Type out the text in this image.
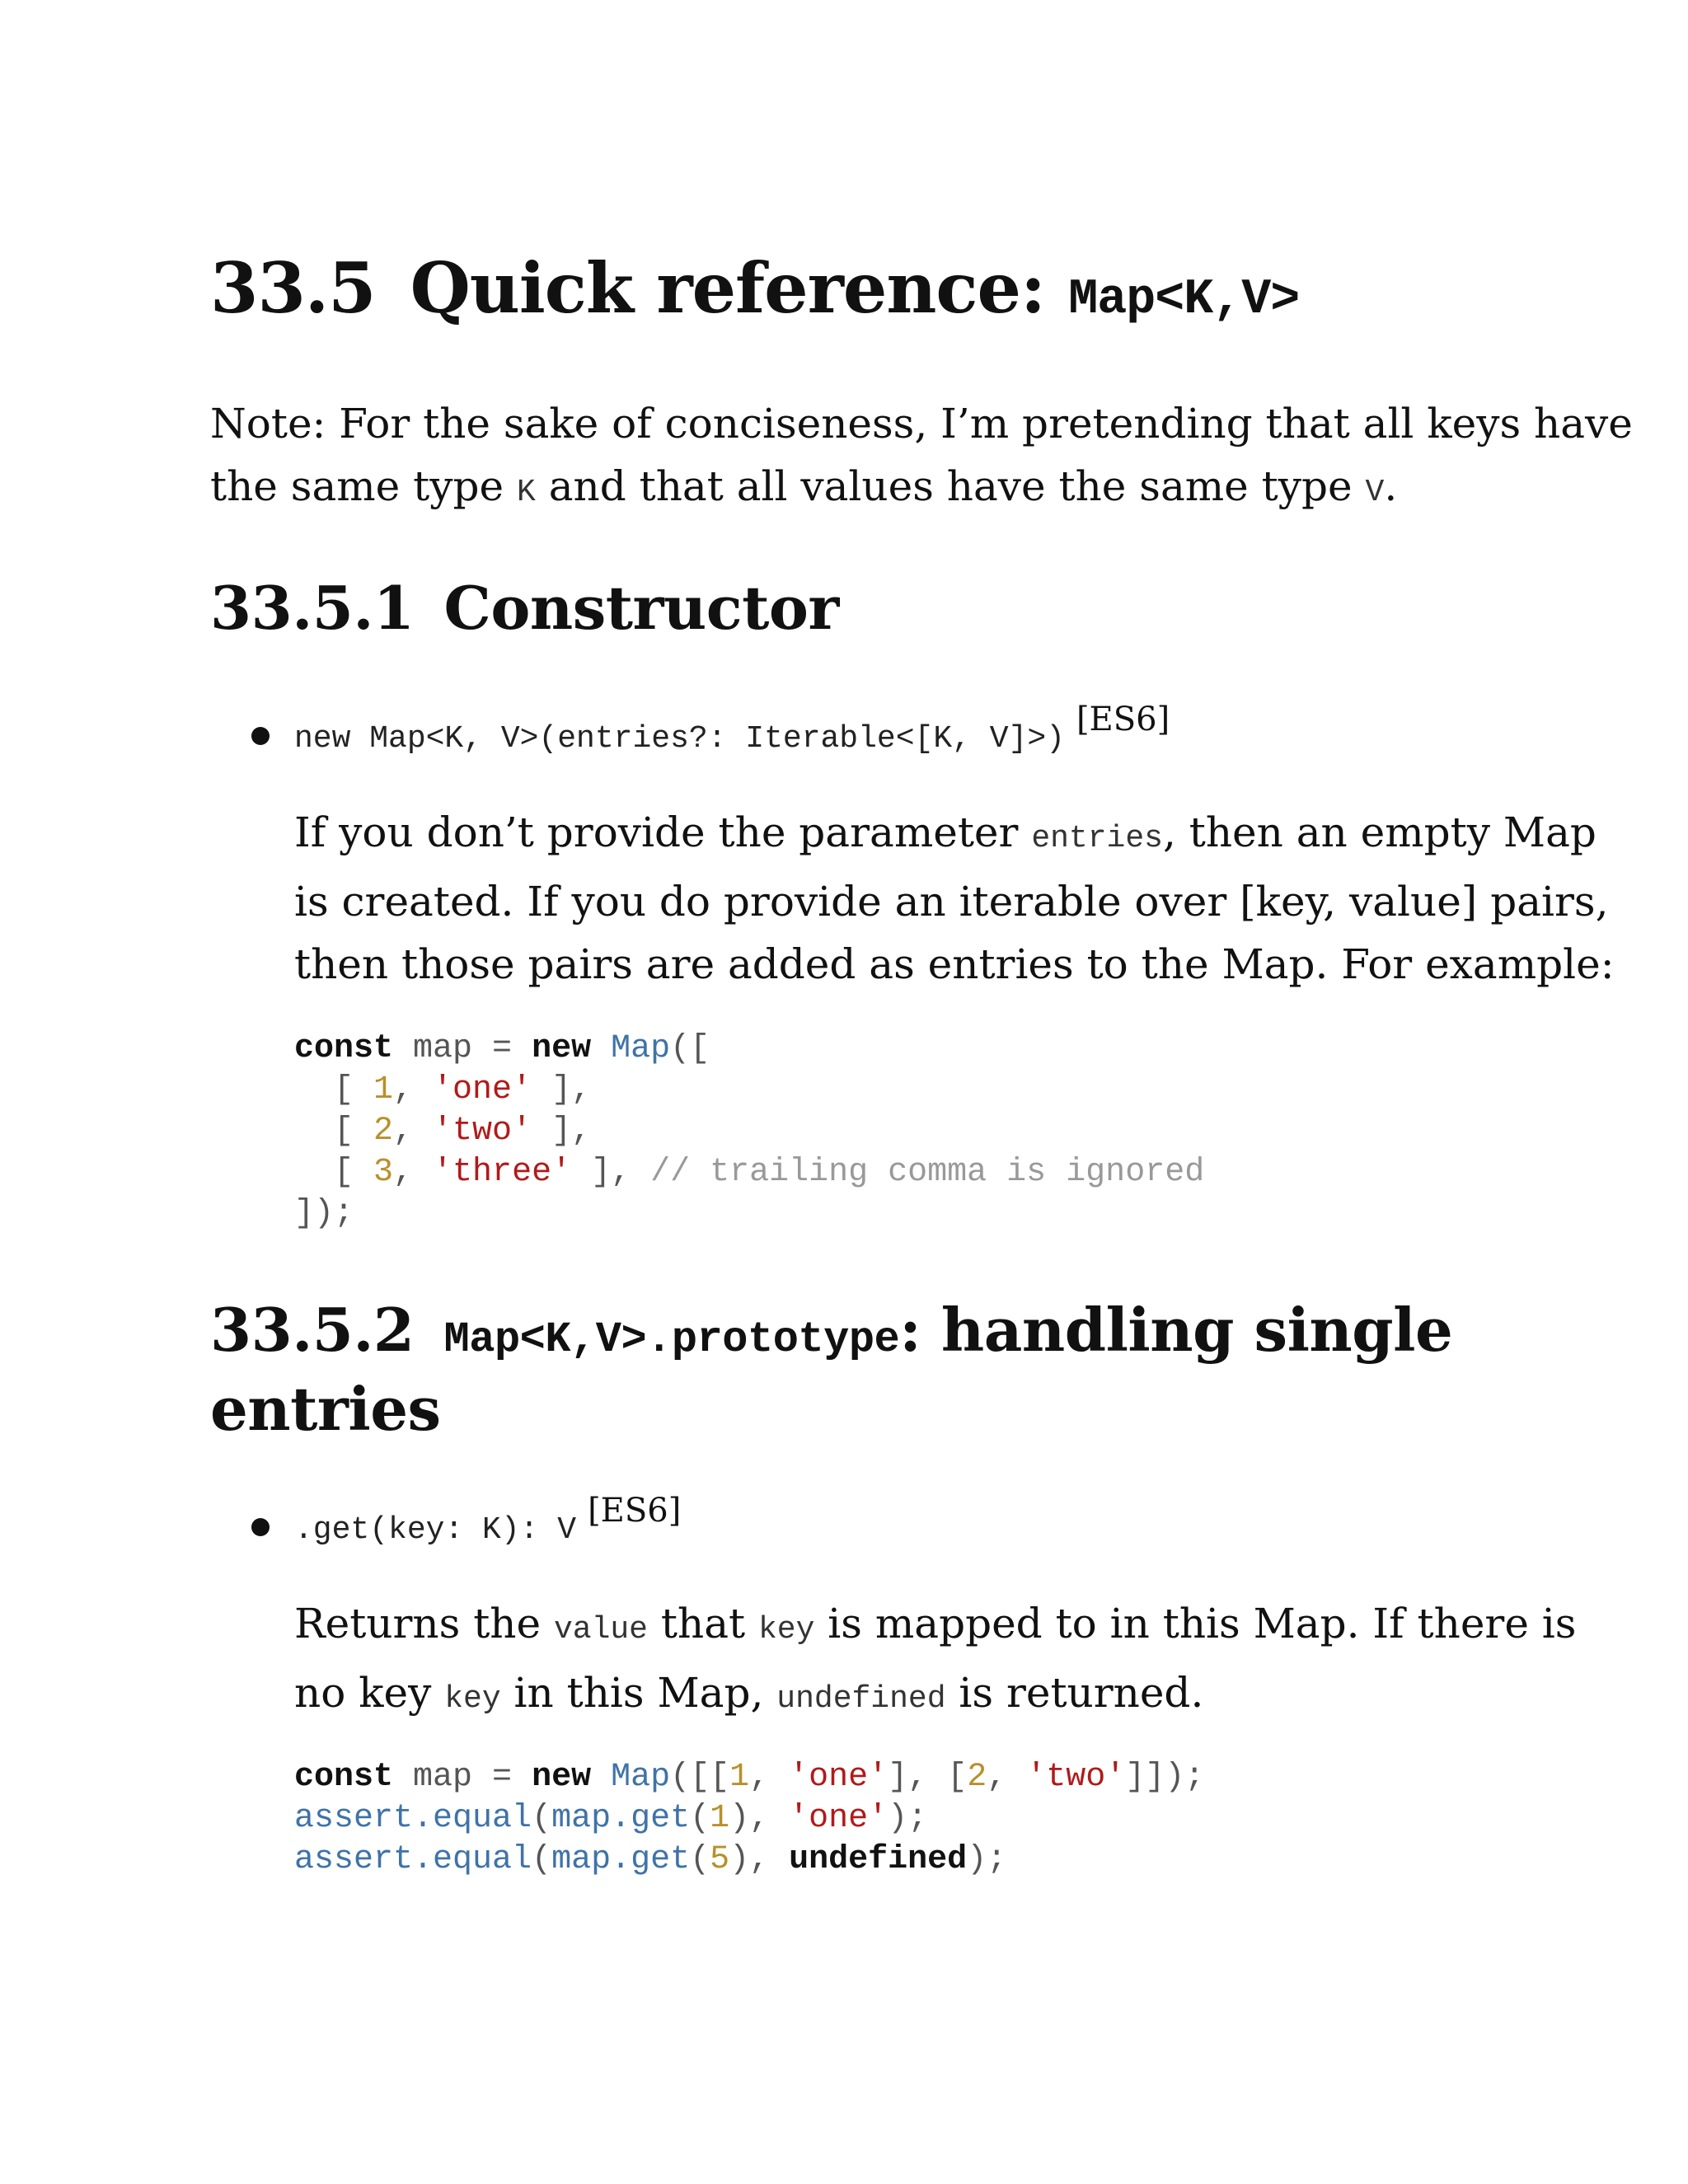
33.5 Quick reference: Map<K,V>

Note: For the sake of conciseness, I’m pretending that all keys have
the same type K and that all values have the same type V.

33.5.1 Constructor
new Map<K, V>(entries?: Iterable<[K, V]>)[ES6]

If you don’t provide the parameter entries, then an empty Map
is created. If you do provide an iterable over [key, value] pairs,
then those pairs are added as entries to the Map. For example:

const map = new Map([
[ 1, 'one' ],
[ 2, 'two' ],
[ 3, 'three' ], // trailing comma is ignored
]);
33.5.2 Map<K,V>.prototype: handling single
entries
.get(key: K): V[ES6]

Returns the value that key is mapped to in this Map. If there is
no key key in this Map, undefined is returned.

const map = new Map([[1, 'one'], [2, 'two']]);
assert.equal(map.get(1), 'one');
assert.equal(map.get(5), undefined);
